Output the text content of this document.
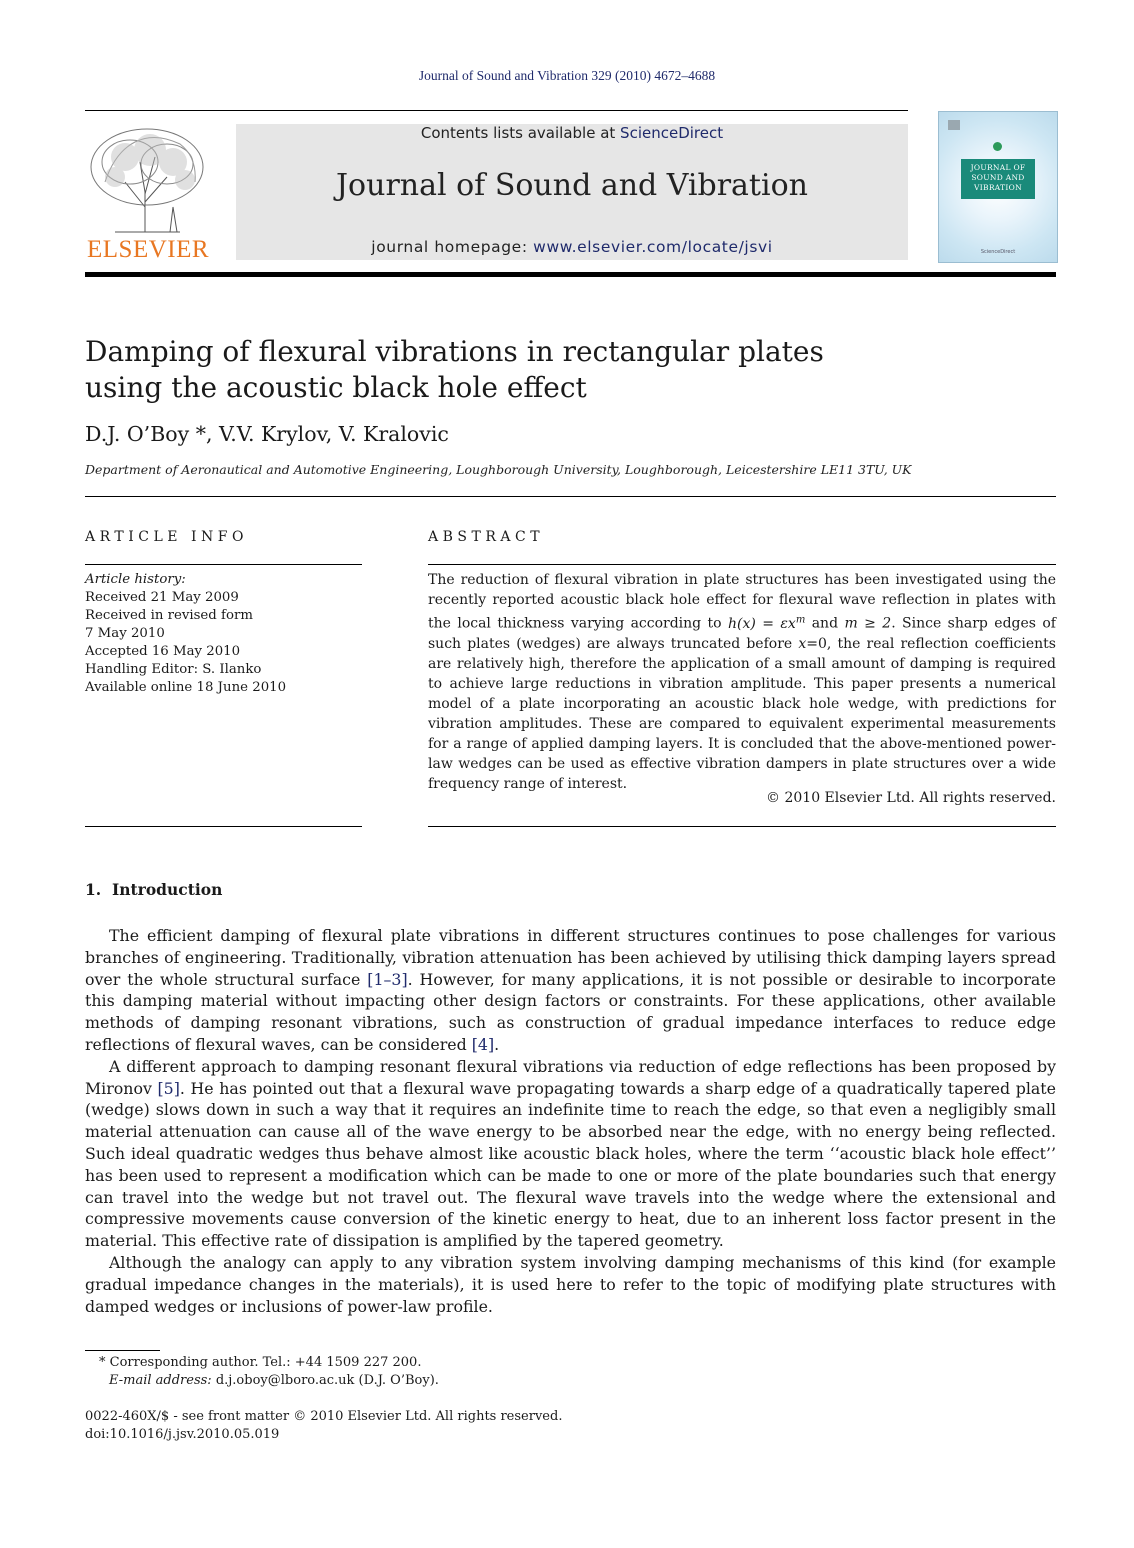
Journal of Sound and Vibration 329 (2010) 4672–4688
ELSEVIER
Contents lists available at ScienceDirect
Journal of Sound and Vibration
journal homepage: www.elsevier.com/locate/jsvi
JOURNAL OF SOUND AND VIBRATION
ScienceDirect
Damping of flexural vibrations in rectangular plates
using the acoustic black hole effect
D.J. O’Boy *, V.V. Krylov, V. Kralovic
Department of Aeronautical and Automotive Engineering, Loughborough University, Loughborough, Leicestershire LE11 3TU, UK
ARTICLE INFO	ABSTRACT
Article history:
Received 21 May 2009
Received in revised form
7 May 2010
Accepted 16 May 2010
Handling Editor: S. Ilanko
Available online 18 June 2010
The reduction of flexural vibration in plate structures has been investigated using the recently reported acoustic black hole effect for flexural wave reflection in plates with the local thickness varying according to $h(x) = \varepsilon x^m$ and m ≥ 2. Since sharp edges of such plates (wedges) are always truncated before x=0, the real reflection coefficients are relatively high, therefore the application of a small amount of damping is required to achieve large reductions in vibration amplitude. This paper presents a numerical model of a plate incorporating an acoustic black hole wedge, with predictions for vibration amplitudes. These are compared to equivalent experimental measurements for a range of applied damping layers. It is concluded that the above-mentioned power-law wedges can be used as effective vibration dampers in plate structures over a wide frequency range of interest.
© 2010 Elsevier Ltd. All rights reserved.
1.  Introduction

The efficient damping of flexural plate vibrations in different structures continues to pose challenges for various branches of engineering. Traditionally, vibration attenuation has been achieved by utilising thick damping layers spread over the whole structural surface [1–3]. However, for many applications, it is not possible or desirable to incorporate this damping material without impacting other design factors or constraints. For these applications, other available methods of damping resonant vibrations, such as construction of gradual impedance interfaces to reduce edge reflections of flexural waves, can be considered [4].

A different approach to damping resonant flexural vibrations via reduction of edge reflections has been proposed by Mironov [5]. He has pointed out that a flexural wave propagating towards a sharp edge of a quadratically tapered plate (wedge) slows down in such a way that it requires an indefinite time to reach the edge, so that even a negligibly small material attenuation can cause all of the wave energy to be absorbed near the edge, with no energy being reflected. Such ideal quadratic wedges thus behave almost like acoustic black holes, where the term ‘‘acoustic black hole effect’’ has been used to represent a modification which can be made to one or more of the plate boundaries such that energy can travel into the wedge but not travel out. The flexural wave travels into the wedge where the extensional and compressive movements cause conversion of the kinetic energy to heat, due to an inherent loss factor present in the material. This effective rate of dissipation is amplified by the tapered geometry.

Although the analogy can apply to any vibration system involving damping mechanisms of this kind (for example gradual impedance changes in the materials), it is used here to refer to the topic of modifying plate structures with damped wedges or inclusions of power-law profile.

* Corresponding author. Tel.: +44 1509 227 200.
E-mail address: d.j.oboy@lboro.ac.uk (D.J. O’Boy).
0022-460X/$ - see front matter © 2010 Elsevier Ltd. All rights reserved.
doi:10.1016/j.jsv.2010.05.019
